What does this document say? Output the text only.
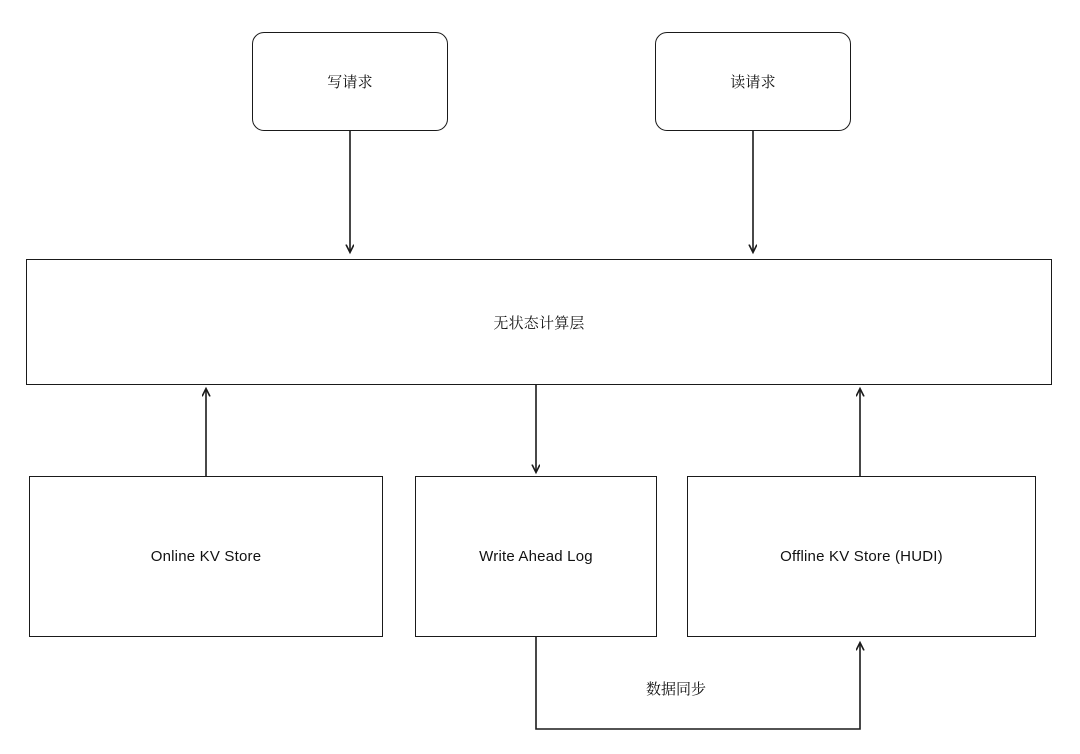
写请求	读请求
无状态计算层
Online KV Store	Write Ahead Log	Offline KV Store (HUDI)
数据同步
